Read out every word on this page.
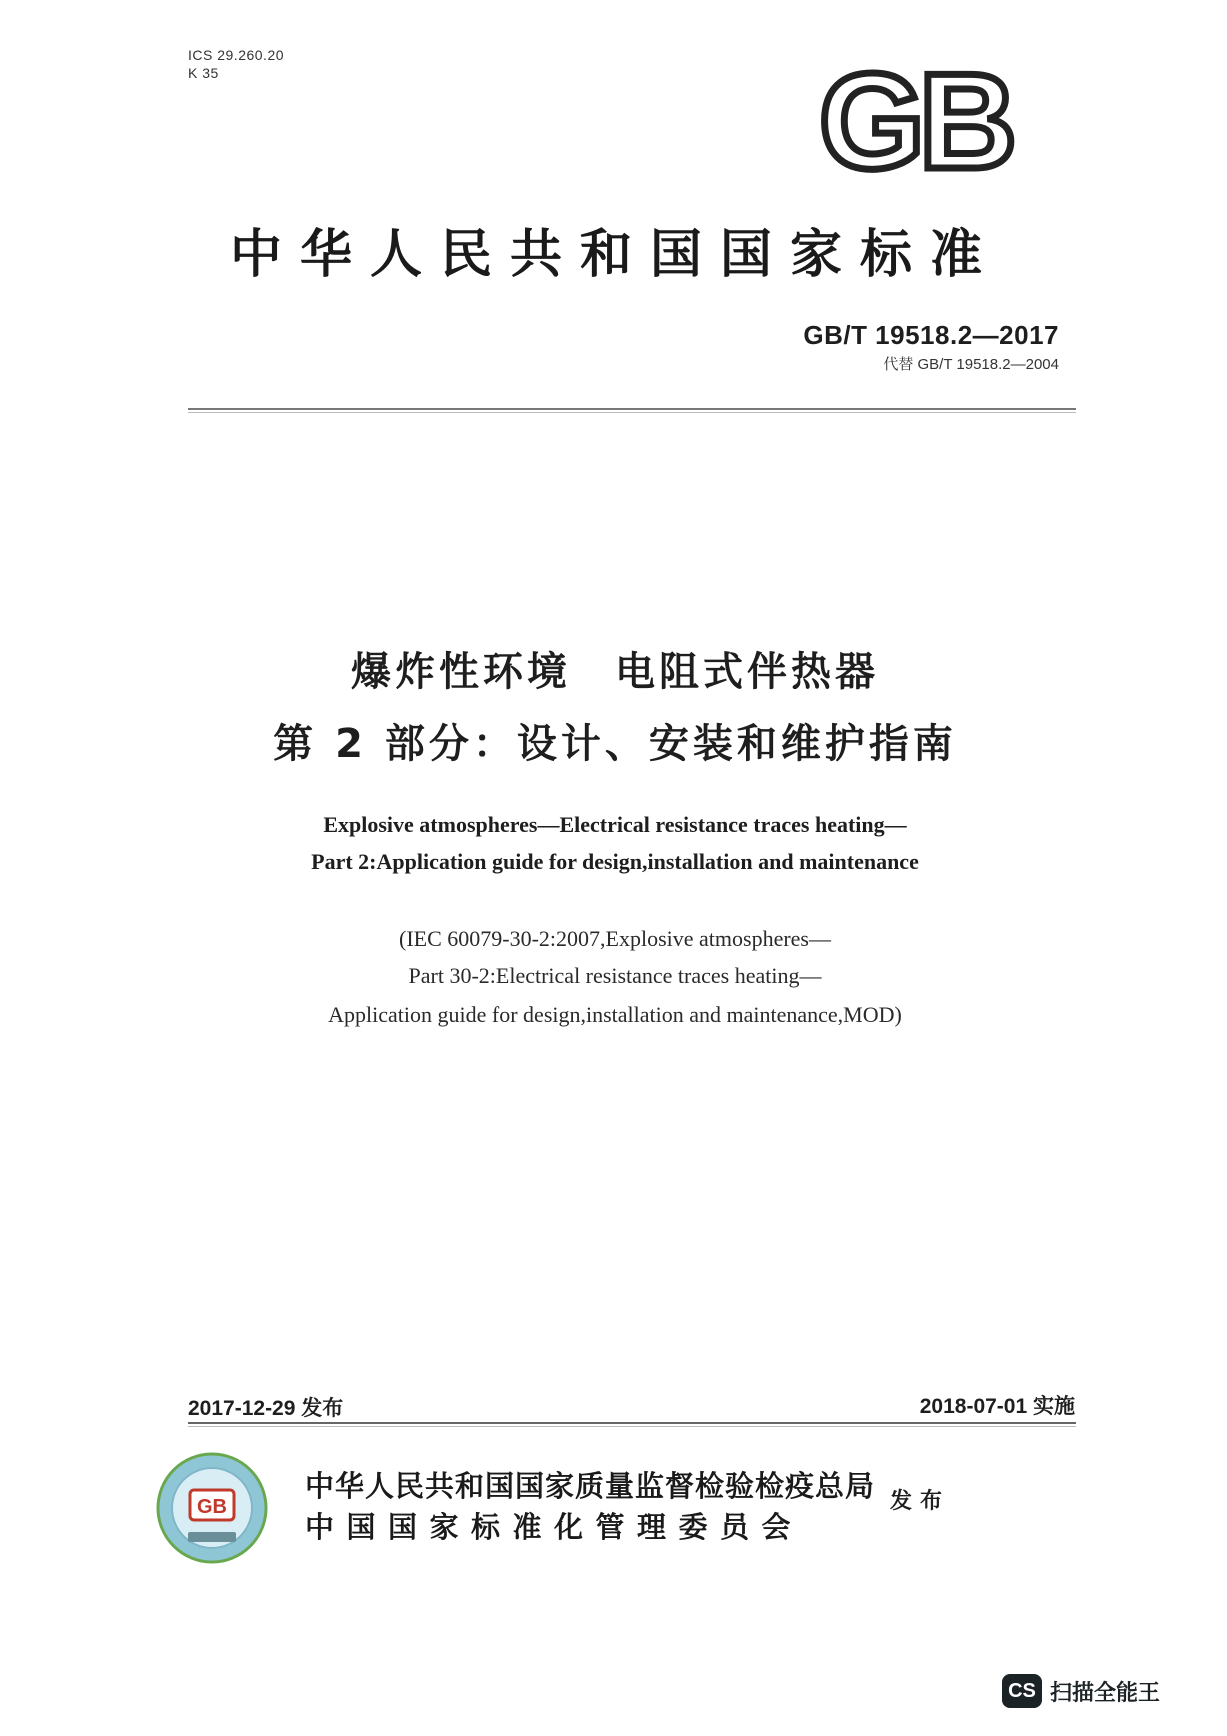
ICS 29.260.20
K 35	GB
中华人民共和国国家标准
GB/T 19518.2—2017
代替 GB/T 19518.2—2004
爆炸性环境　电阻式伴热器
第 2 部分：设计、安装和维护指南
Explosive atmospheres—Electrical resistance traces heating—
Part 2:Application guide for design,installation and maintenance
(IEC 60079-30-2:2007,Explosive atmospheres—
Part 30-2:Electrical resistance traces heating—
Application guide for design,installation and maintenance,MOD)
2017-12-29 发布	2018-07-01 实施
GB
中华人民共和国国家质量监督检验检疫总局
中国国家标准化管理委员会
发布
CS 扫描全能王
